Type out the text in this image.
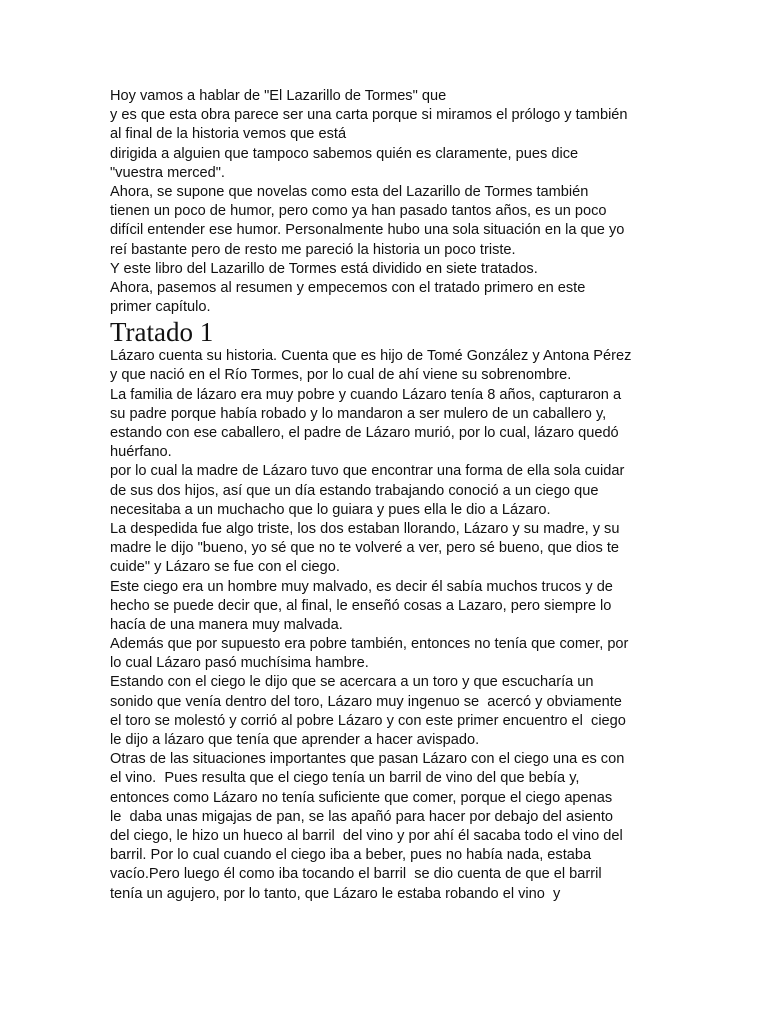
Hoy vamos a hablar de "El Lazarillo de Tormes" que
y es que esta obra parece ser una carta porque si miramos el prólogo y también
al final de la historia vemos que está
dirigida a alguien que tampoco sabemos quién es claramente, pues dice
"vuestra merced".
Ahora, se supone que novelas como esta del Lazarillo de Tormes también
tienen un poco de humor, pero como ya han pasado tantos años, es un poco
difícil entender ese humor. Personalmente hubo una sola situación en la que yo
reí bastante pero de resto me pareció la historia un poco triste.
Y este libro del Lazarillo de Tormes está dividido en siete tratados.
Ahora, pasemos al resumen y empecemos con el tratado primero en este
primer capítulo.
Tratado 1
Lázaro cuenta su historia. Cuenta que es hijo de Tomé González y Antona Pérez
y que nació en el Río Tormes, por lo cual de ahí viene su sobrenombre.
La familia de lázaro era muy pobre y cuando Lázaro tenía 8 años, capturaron a
su padre porque había robado y lo mandaron a ser mulero de un caballero y,
estando con ese caballero, el padre de Lázaro murió, por lo cual, lázaro quedó
huérfano.
por lo cual la madre de Lázaro tuvo que encontrar una forma de ella sola cuidar
de sus dos hijos, así que un día estando trabajando conoció a un ciego que
necesitaba a un muchacho que lo guiara y pues ella le dio a Lázaro.
La despedida fue algo triste, los dos estaban llorando, Lázaro y su madre, y su
madre le dijo "bueno, yo sé que no te volveré a ver, pero sé bueno, que dios te
cuide" y Lázaro se fue con el ciego.
Este ciego era un hombre muy malvado, es decir él sabía muchos trucos y de
hecho se puede decir que, al final, le enseñó cosas a Lazaro, pero siempre lo
hacía de una manera muy malvada.
Además que por supuesto era pobre también, entonces no tenía que comer, por
lo cual Lázaro pasó muchísima hambre.
Estando con el ciego le dijo que se acercara a un toro y que escucharía un
sonido que venía dentro del toro, Lázaro muy ingenuo se  acercó y obviamente
el toro se molestó y corrió al pobre Lázaro y con este primer encuentro el  ciego
le dijo a lázaro que tenía que aprender a hacer avispado.
Otras de las situaciones importantes que pasan Lázaro con el ciego una es con
el vino.  Pues resulta que el ciego tenía un barril de vino del que bebía y,
entonces como Lázaro no tenía suficiente que comer, porque el ciego apenas
le  daba unas migajas de pan, se las apañó para hacer por debajo del asiento
del ciego, le hizo un hueco al barril  del vino y por ahí él sacaba todo el vino del
barril. Por lo cual cuando el ciego iba a beber, pues no había nada, estaba
vacío.Pero luego él como iba tocando el barril  se dio cuenta de que el barril
tenía un agujero, por lo tanto, que Lázaro le estaba robando el vino  y
